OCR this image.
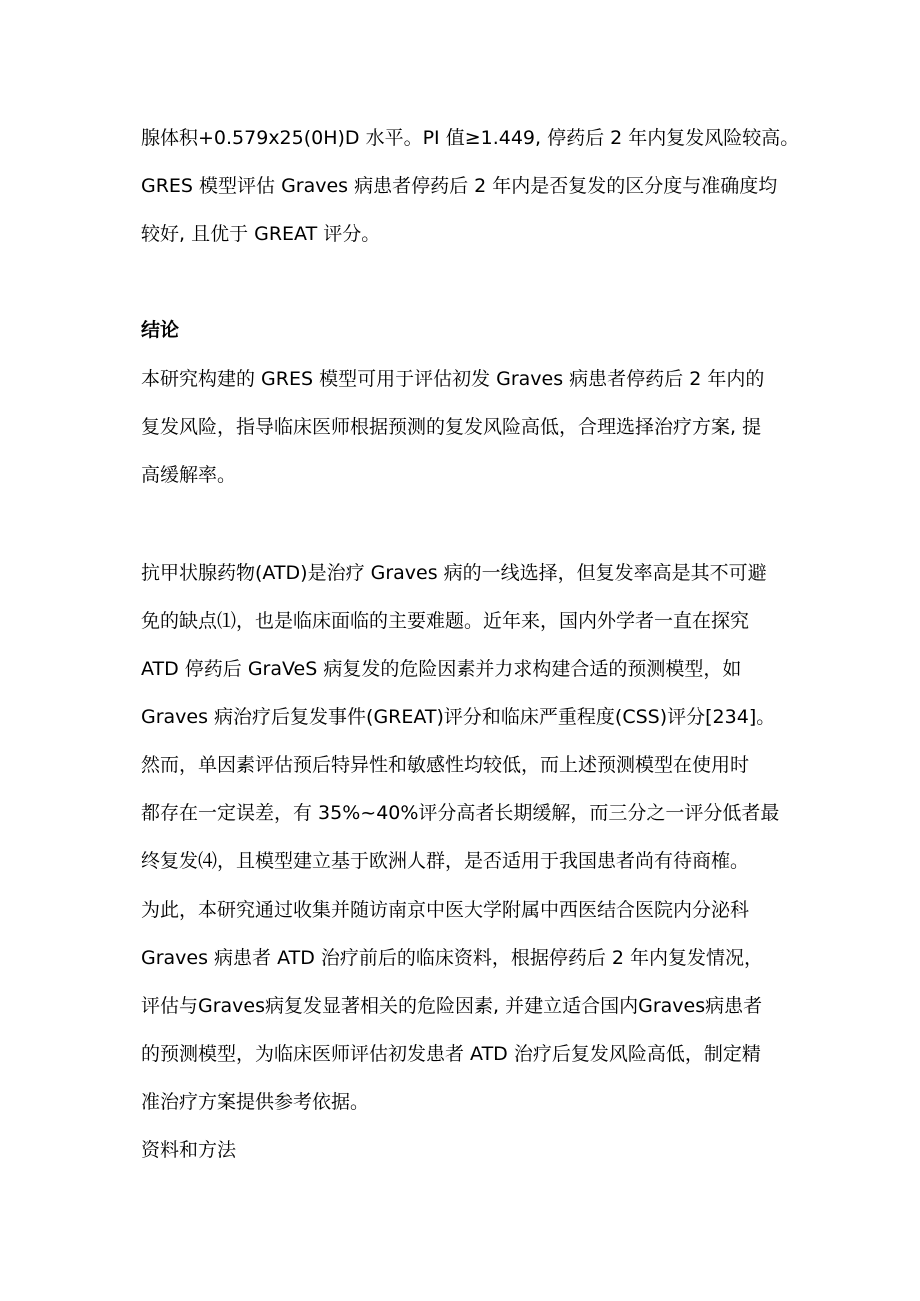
腺体积+0.579x25(0H)D 水平。PI 值≥1.449, 停药后 2 年内复发风险较高。

GRES 模型评估 Graves 病患者停药后 2 年内是否复发的区分度与准确度均

较好, 且优于 GREAT 评分。

结论

本研究构建的 GRES 模型可用于评估初发 Graves 病患者停药后 2 年内的

复发风险，指导临床医师根据预测的复发风险高低，合理选择治疗方案, 提

高缓解率。

抗甲状腺药物(ATD)是治疗 Graves 病的一线选择，但复发率高是其不可避

免的缺点⑴，也是临床面临的主要难题。近年来，国内外学者一直在探究

ATD 停药后 GraVeS 病复发的危险因素并力求构建合适的预测模型，如

Graves 病治疗后复发事件(GREAT)评分和临床严重程度(CSS)评分[234]。

然而，单因素评估预后特异性和敏感性均较低，而上述预测模型在使用时

都存在一定误差，有 35%~40%评分高者长期缓解，而三分之一评分低者最

终复发⑷，且模型建立基于欧洲人群，是否适用于我国患者尚有待商榷。

为此，本研究通过收集并随访南京中医大学附属中西医结合医院内分泌科

Graves 病患者 ATD 治疗前后的临床资料，根据停药后 2 年内复发情况，

评估与Graves病复发显著相关的危险因素, 并建立适合国内Graves病患者

的预测模型，为临床医师评估初发患者 ATD 治疗后复发风险高低，制定精

准治疗方案提供参考依据。

资料和方法
